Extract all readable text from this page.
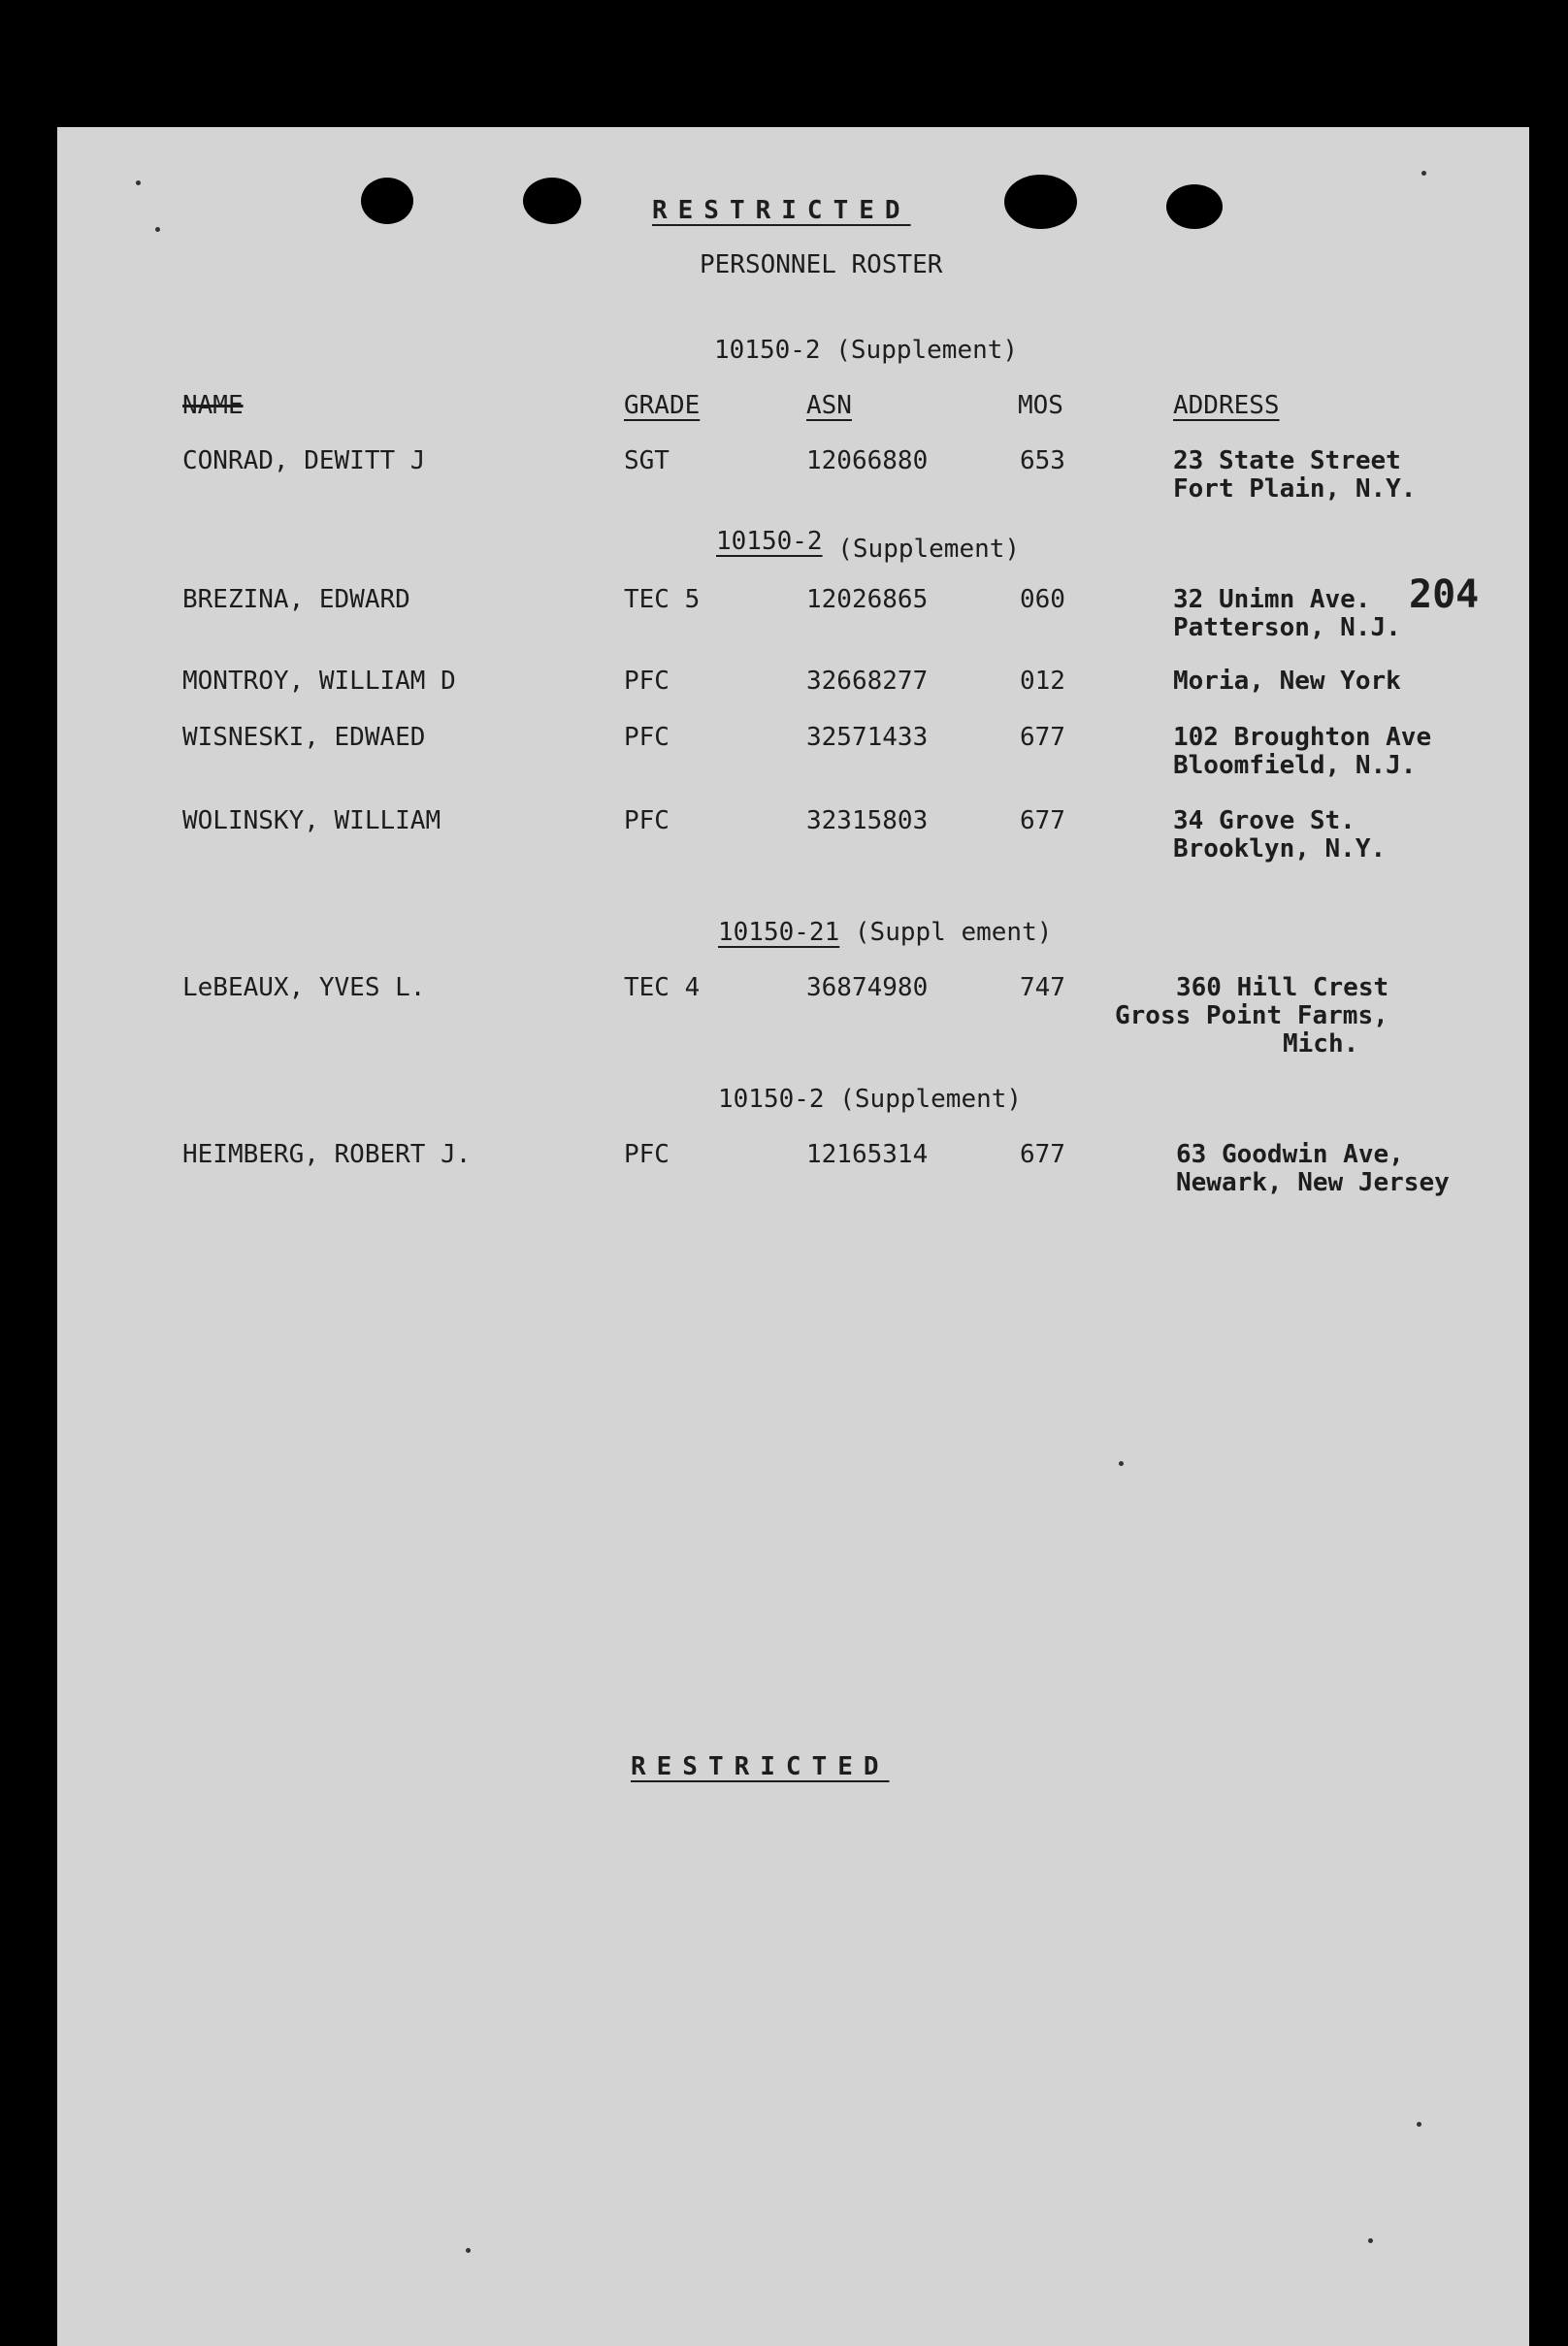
RESTRICTED
PERSONNEL ROSTER
10150-2 (Supplement)
NAME	GRADE	ASN	MOS	ADDRESS
CONRAD, DEWITT J	SGT	12066880	653	23 State Street
Fort Plain, N.Y.
10150-2 (Supplement)
BREZINA, EDWARD	TEC 5	12026865	060	32 Unimn Ave.
Patterson, N.J.
204
MONTROY, WILLIAM D	PFC	32668277	012	Moria, New York
WISNESKI, EDWAED	PFC	32571433	677	102 Broughton Ave
Bloomfield, N.J.
WOLINSKY, WILLIAM	PFC	32315803	677	34 Grove St.
Brooklyn, N.Y.
10150-21 (Suppl ement)
LeBEAUX, YVES L.	TEC 4	36874980	747	360 Hill Crest
Gross Point Farms,
Mich.
10150-2 (Supplement)
HEIMBERG, ROBERT J.	PFC	12165314	677	63 Goodwin Ave,
Newark, New Jersey
RESTRICTED
